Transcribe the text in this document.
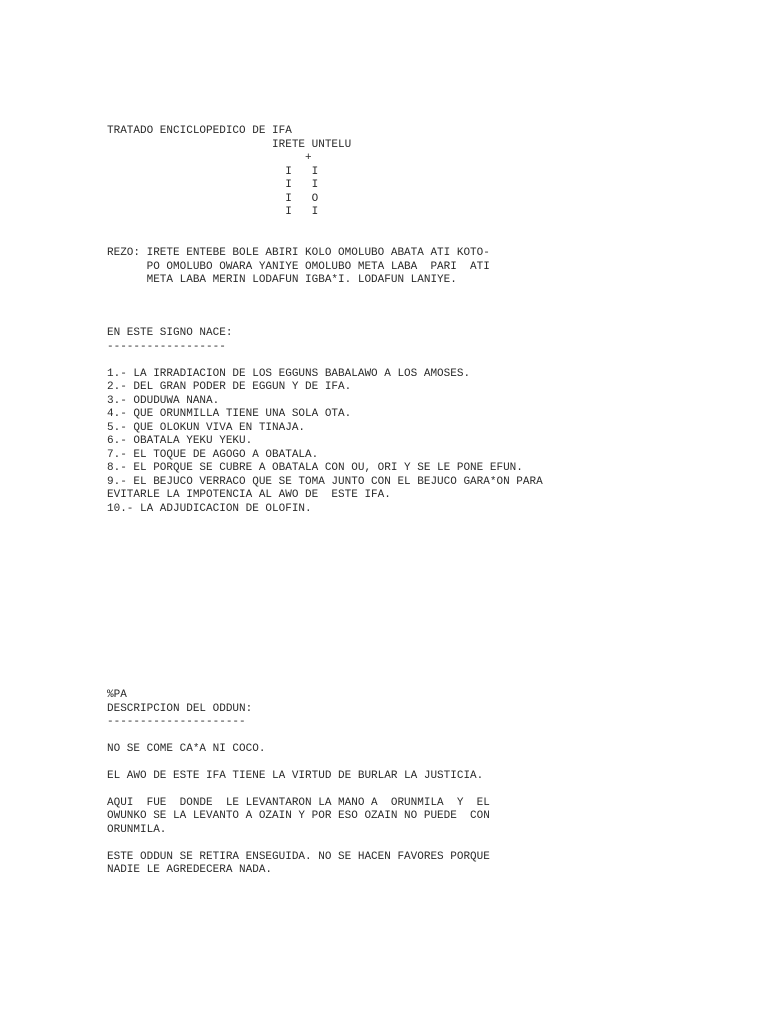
TRATADO ENCICLOPEDICO DE IFA

IRETE UNTELU

+

I   I

I   I

I   O

I   I

REZO: IRETE ENTEBE BOLE ABIRI KOLO OMOLUBO ABATA ATI KOTO-

PO OMOLUBO OWARA YANIYE OMOLUBO META LABA  PARI  ATI

META LABA MERIN LODAFUN IGBA*I. LODAFUN LANIYE.

EN ESTE SIGNO NACE:

------------------

1.- LA IRRADIACION DE LOS EGGUNS BABALAWO A LOS AMOSES.

2.- DEL GRAN PODER DE EGGUN Y DE IFA.

3.- ODUDUWA NANA.

4.- QUE ORUNMILLA TIENE UNA SOLA OTA.

5.- QUE OLOKUN VIVA EN TINAJA.

6.- OBATALA YEKU YEKU.

7.- EL TOQUE DE AGOGO A OBATALA.

8.- EL PORQUE SE CUBRE A OBATALA CON OU, ORI Y SE LE PONE EFUN.

9.- EL BEJUCO VERRACO QUE SE TOMA JUNTO CON EL BEJUCO GARA*ON PARA

EVITARLE LA IMPOTENCIA AL AWO DE  ESTE IFA.

10.- LA ADJUDICACION DE OLOFIN.

%PA

DESCRIPCION DEL ODDUN:

---------------------

NO SE COME CA*A NI COCO.

EL AWO DE ESTE IFA TIENE LA VIRTUD DE BURLAR LA JUSTICIA.

AQUI  FUE  DONDE  LE LEVANTARON LA MANO A  ORUNMILA  Y  EL

OWUNKO SE LA LEVANTO A OZAIN Y POR ESO OZAIN NO PUEDE  CON

ORUNMILA.

ESTE ODDUN SE RETIRA ENSEGUIDA. NO SE HACEN FAVORES PORQUE

NADIE LE AGREDECERA NADA.
